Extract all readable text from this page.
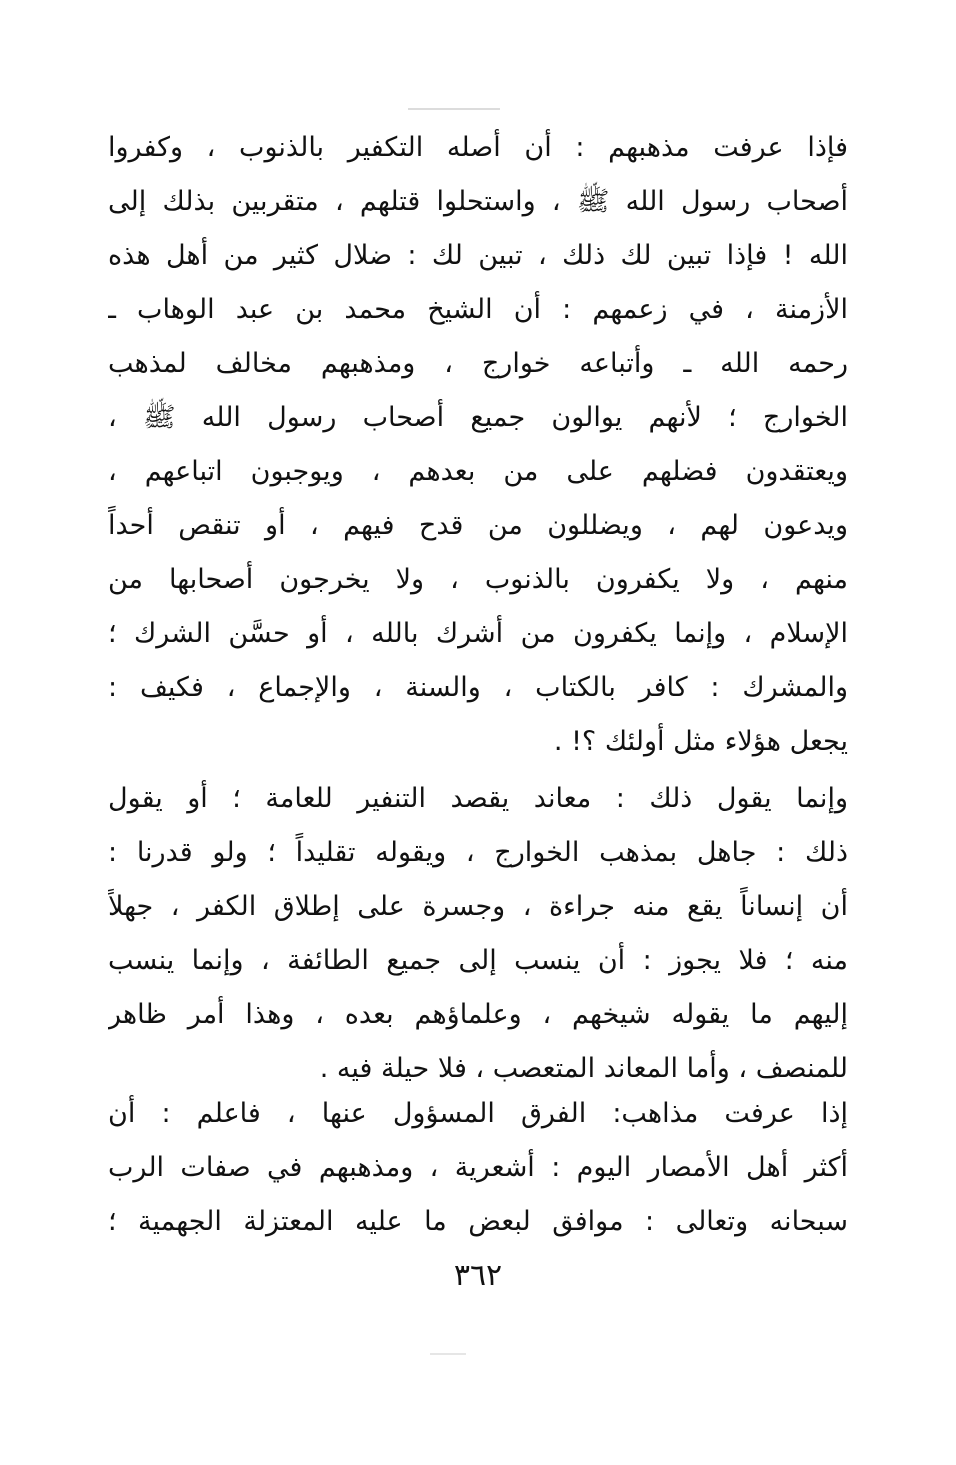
فإذا عرفت مذهبهم : أن أصله التكفير بالذنوب ، وكفروا
أصحاب رسول الله ﷺ ، واستحلوا قتلهم ، متقربين بذلك إلى
الله ! فإذا تبين لك ذلك ، تبين لك : ضلال كثير من أهل هذه
الأزمنة ، في زعمهم : أن الشيخ محمد بن عبد الوهاب ـ
رحمه الله ـ وأتباعه خوارج ، ومذهبهم مخالف لمذهب
الخوارج ؛ لأنهم يوالون جميع أصحاب رسول الله ﷺ ،
ويعتقدون فضلهم على من بعدهم ، ويوجبون اتباعهم ،
ويدعون لهم ، ويضللون من قدح فيهم ، أو تنقص أحداً
منهم ، ولا يكفرون بالذنوب ، ولا يخرجون أصحابها من
الإسلام ، وإنما يكفرون من أشرك بالله ، أو حسَّن الشرك ؛
والمشرك : كافر بالكتاب ، والسنة ، والإجماع ، فكيف :
يجعل هؤلاء مثل أولئك ؟! .
وإنما يقول ذلك : معاند يقصد التنفير للعامة ؛ أو يقول
ذلك : جاهل بمذهب الخوارج ، ويقوله تقليداً ؛ ولو قدرنا :
أن إنساناً يقع منه جراءة ، وجسرة على إطلاق الكفر ، جهلاً
منه ؛ فلا يجوز : أن ينسب إلى جميع الطائفة ، وإنما ينسب
إليهم ما يقوله شيخهم ، وعلماؤهم بعده ، وهذا أمر ظاهر
للمنصف ، وأما المعاند المتعصب ، فلا حيلة فيه .
إذا عرفت مذاهب: الفرق المسؤول عنها ، فاعلم : أن
أكثر أهل الأمصار اليوم : أشعرية ، ومذهبهم في صفات الرب
سبحانه وتعالى : موافق لبعض ما عليه المعتزلة الجهمية ؛
٣٦٢
